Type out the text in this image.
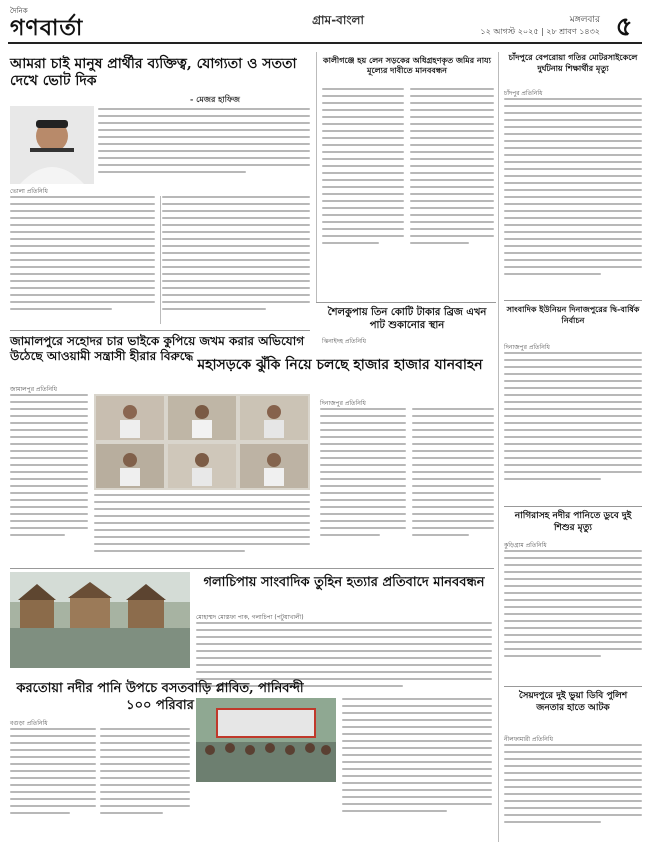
দৈনিক
গণবার্তা	গ্রাম-বাংলা	মঙ্গলবার
১২ আগস্ট ২০২৫ | ২৮ শ্রাবণ ১৪৩২ ৫
আমরা চাই মানুষ প্রার্থীর ব্যক্তিত্ব, যোগ্যতা ও সততা দেখে ভোট দিক
- মেজর হাফিজ
ভোলা প্রতিনিধি
কালীগঞ্জে হয় লেন সড়কের অধিগ্রহণকৃত জমির নায্য মূল্যের দাবীতে মানববন্ধন
চাঁদপুরে বেপরোয়া গতির মোটরসাইকেলে দুর্ঘটনায় শিক্ষার্থীর মৃত্যু
চাঁদপুর প্রতিনিধি
সাংবাদিক ইউনিয়ন দিনাজপুরের দ্বি-বার্ষিক নির্বাচন
দিনাজপুর প্রতিনিধি
নাগিরাসহ নদীর পানিতে ডুবে দুই শিশুর মৃত্যু
কুড়িগ্রাম প্রতিনিধি
সৈয়দপুরে দুই ভুয়া ডিবি পুলিশ জনতার হাতে আটক
নীলফামারী প্রতিনিধি
জামালপুরে সহোদর চার ভাইকে কুপিয়ে জখম করার অভিযোগ উঠেছে আওয়ামী সন্ত্রাসী হীরার বিরুদ্ধে
জামালপুর প্রতিনিধি
শৈলকুপায় তিন কোটি টাকার ব্রিজ এখন পাট শুকানোর স্থান
ঝিনাইদহ প্রতিনিধি
মহাসড়কে ঝুঁকি নিয়ে চলছে হাজার হাজার যানবাহন
দিনাজপুর প্রতিনিধি
গলাচিপায় সাংবাদিক তুহিন হত্যার প্রতিবাদে মানববন্ধন
মোহাম্মদ মোস্তফা পাক, গলাচিপা (পটুয়াখালী)
করতোয়া নদীর পানি উপচে বসতবাড়ি প্লাবিত, পানিবন্দী ১০০ পরিবার
বগুড়া প্রতিনিধি
